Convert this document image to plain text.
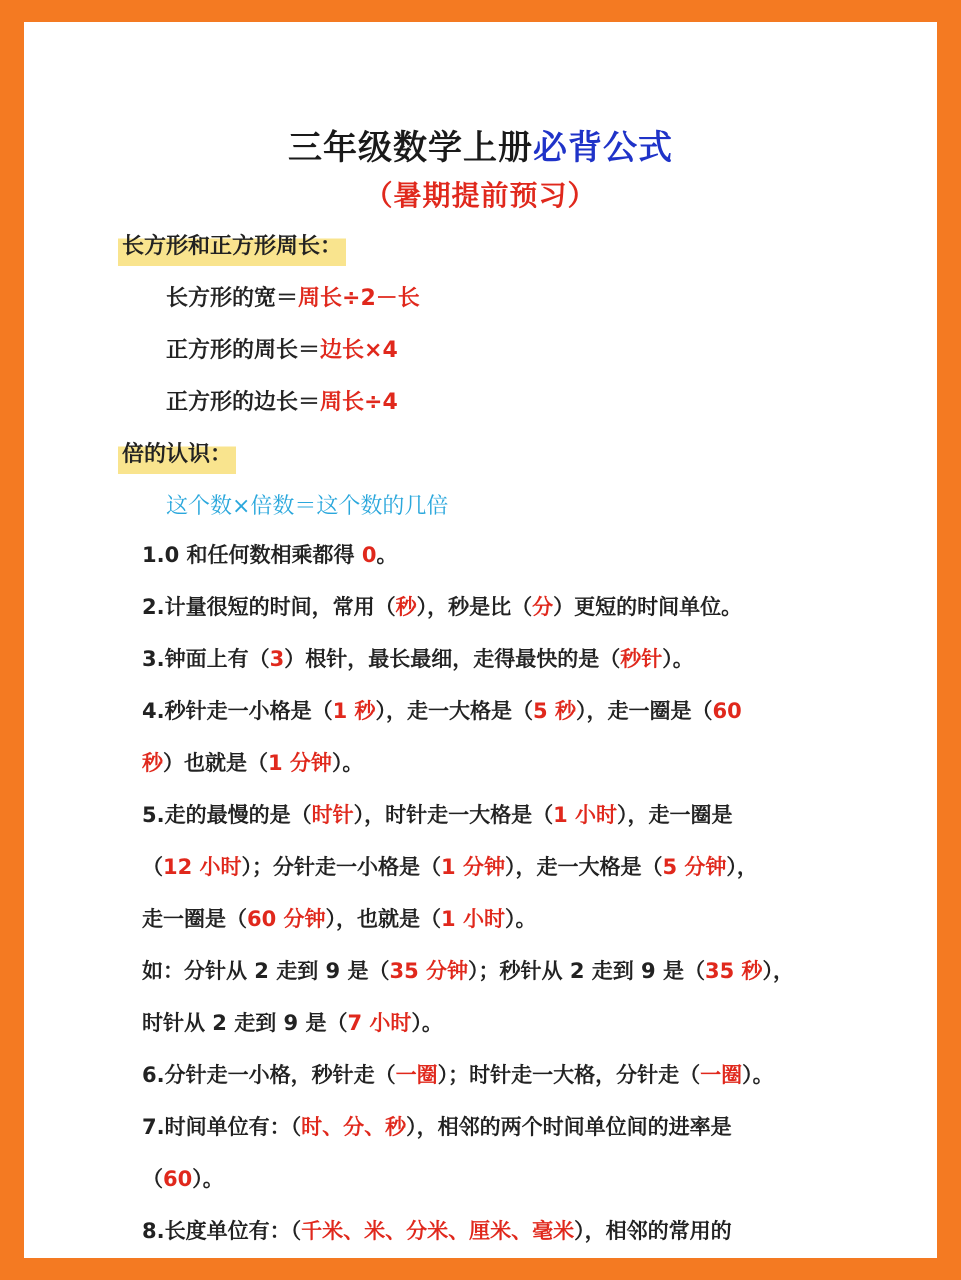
三年级数学上册必背公式
（暑期提前预习）
长方形和正方形周长：
长方形的宽＝周长÷2－长
正方形的周长＝边长×4
正方形的边长＝周长÷4
倍的认识：
这个数×倍数＝这个数的几倍
1.0 和任何数相乘都得 0。
2.计量很短的时间，常用（秒），秒是比（分）更短的时间单位。
3.钟面上有（3）根针，最长最细，走得最快的是（秒针）。
4.秒针走一小格是（1 秒），走一大格是（5 秒），走一圈是（60
秒）也就是（1 分钟）。
5.走的最慢的是（时针），时针走一大格是（1 小时），走一圈是
（12 小时）；分针走一小格是（1 分钟），走一大格是（5 分钟），
走一圈是（60 分钟），也就是（1 小时）。
如：分针从 2 走到 9 是（35 分钟）；秒针从 2 走到 9 是（35 秒），
时针从 2 走到 9 是（7 小时）。
6.分针走一小格，秒针走（一圈）；时针走一大格，分针走（一圈）。
7.时间单位有：（时、分、秒），相邻的两个时间单位间的进率是
（60）。
8.长度单位有：（千米、米、分米、厘米、毫米），相邻的常用的
